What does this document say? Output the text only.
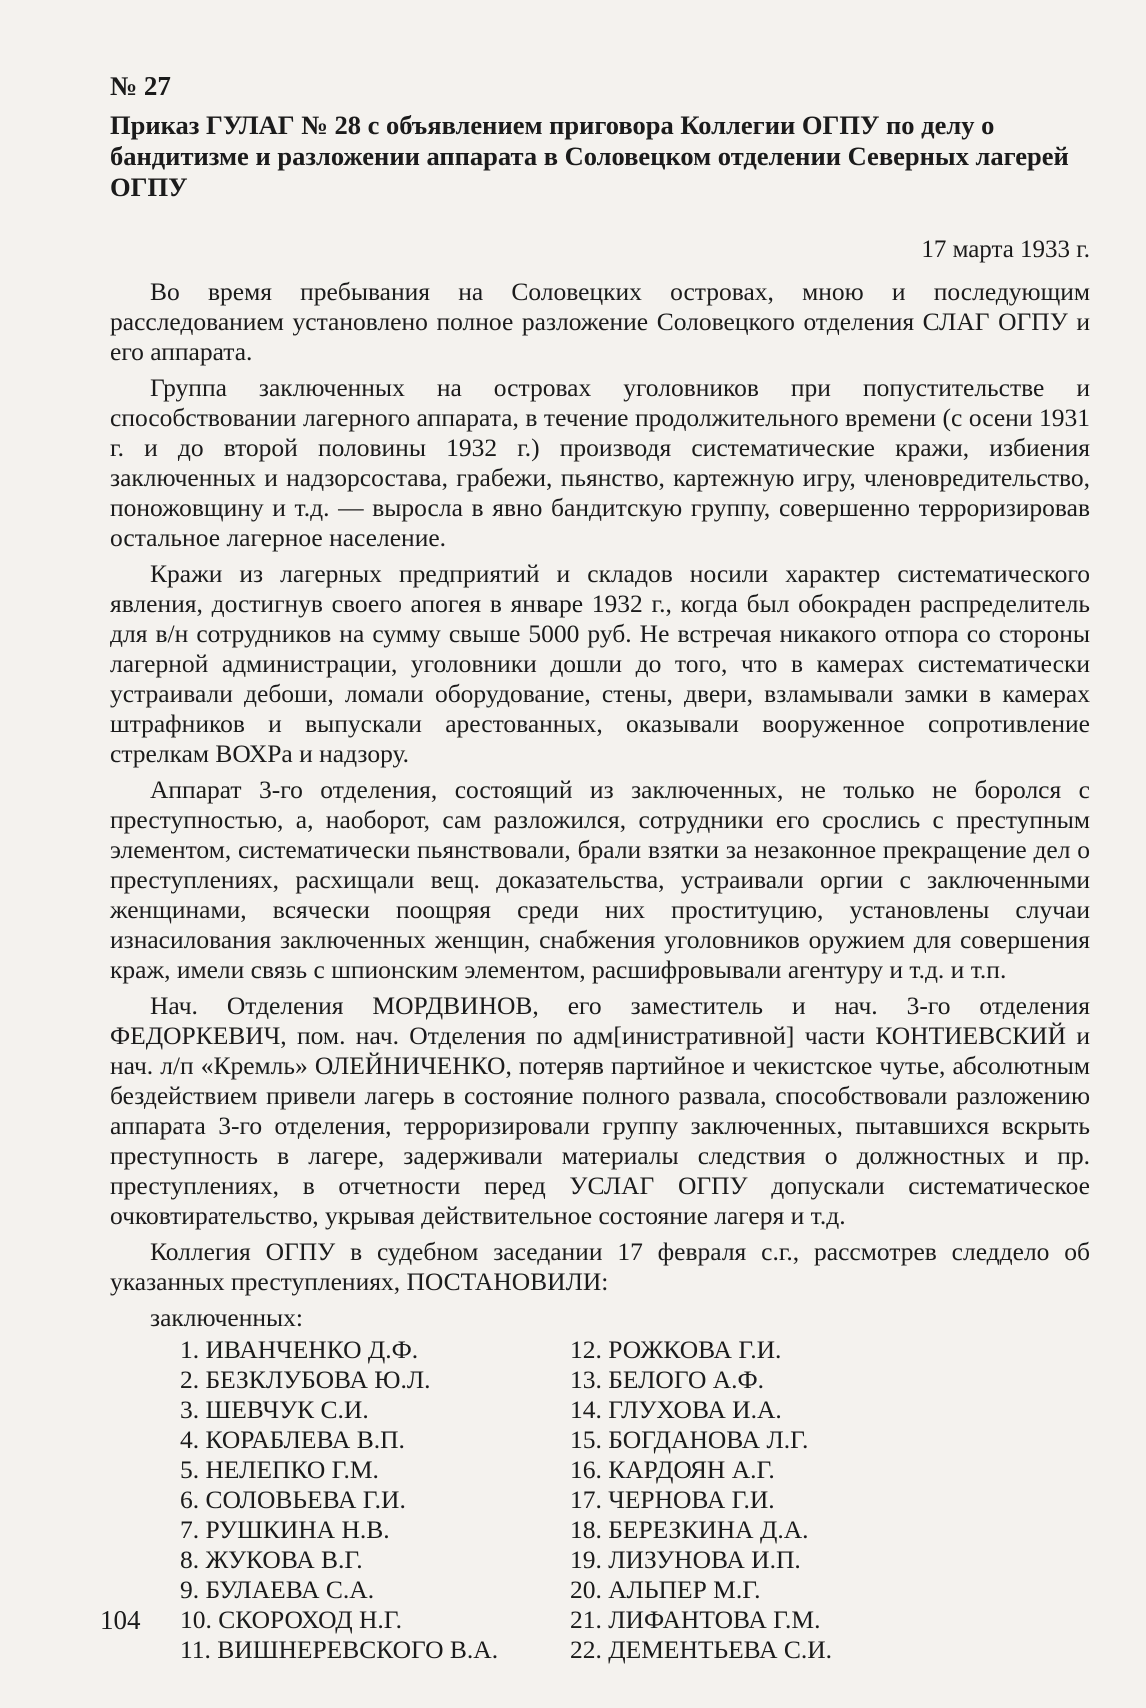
№ 27

Приказ ГУЛАГ № 28 с объявлением приговора Коллегии ОГПУ по делу о бандитизме и разложении аппарата в Соловецком отделении Северных лагерей ОГПУ

17 марта 1933 г.

Во время пребывания на Соловецких островах, мною и последующим расследованием установлено полное разложение Соловецкого отделения СЛАГ ОГПУ и его аппарата.

Группа заключенных на островах уголовников при попустительстве и способствовании лагерного аппарата, в течение продолжительного времени (с осени 1931 г. и до второй половины 1932 г.) производя систематические кражи, избиения заключенных и надзорсостава, грабежи, пьянство, картежную игру, членовредительство, поножовщину и т.д. — выросла в явно бандитскую группу, совершенно терроризировав остальное лагерное население.

Кражи из лагерных предприятий и складов носили характер систематического явления, достигнув своего апогея в январе 1932 г., когда был обокраден распределитель для в/н сотрудников на сумму свыше 5000 руб. Не встречая никакого отпора со стороны лагерной администрации, уголовники дошли до того, что в камерах систематически устраивали дебоши, ломали оборудование, стены, двери, взламывали замки в камерах штрафников и выпускали арестованных, оказывали вооруженное сопротивление стрелкам ВОХРа и надзору.

Аппарат 3-го отделения, состоящий из заключенных, не только не боролся с преступностью, а, наоборот, сам разложился, сотрудники его срослись с преступным элементом, систематически пьянствовали, брали взятки за незаконное прекращение дел о преступлениях, расхищали вещ. доказательства, устраивали оргии с заключенными женщинами, всячески поощряя среди них проституцию, установлены случаи изнасилования заключенных женщин, снабжения уголовников оружием для совершения краж, имели связь с шпионским элементом, расшифровывали агентуру и т.д. и т.п.

Нач. Отделения МОРДВИНОВ, его заместитель и нач. 3-го отделения ФЕДОРКЕВИЧ, пом. нач. Отделения по адм[инистративной] части КОНТИЕВСКИЙ и нач. л/п «Кремль» ОЛЕЙНИЧЕНКО, потеряв партийное и чекистское чутье, абсолютным бездействием привели лагерь в состояние полного развала, способствовали разложению аппарата 3-го отделения, терроризировали группу заключенных, пытавшихся вскрыть преступность в лагере, задерживали материалы следствия о должностных и пр. преступлениях, в отчетности перед УСЛАГ ОГПУ допускали систематическое очковтирательство, укрывая действительное состояние лагеря и т.д.

Коллегия ОГПУ в судебном заседании 17 февраля с.г., рассмотрев следдело об указанных преступлениях, ПОСТАНОВИЛИ:

заключенных:

1. ИВАНЧЕНКО Д.Ф.	12. РОЖКОВА Г.И.
2. БЕЗКЛУБОВА Ю.Л.	13. БЕЛОГО А.Ф.
3. ШЕВЧУК С.И.	14. ГЛУХОВА И.А.
4. КОРАБЛЕВА В.П.	15. БОГДАНОВА Л.Г.
5. НЕЛЕПКО Г.М.	16. КАРДОЯН А.Г.
6. СОЛОВЬЕВА Г.И.	17. ЧЕРНОВА Г.И.
7. РУШКИНА Н.В.	18. БЕРЕЗКИНА Д.А.
8. ЖУКОВА В.Г.	19. ЛИЗУНОВА И.П.
9. БУЛАЕВА С.А.	20. АЛЬПЕР М.Г.
10. СКОРОХОД Н.Г.	21. ЛИФАНТОВА Г.М.
11. ВИШНЕРЕВСКОГО В.А.	22. ДЕМЕНТЬЕВА С.И.
104
